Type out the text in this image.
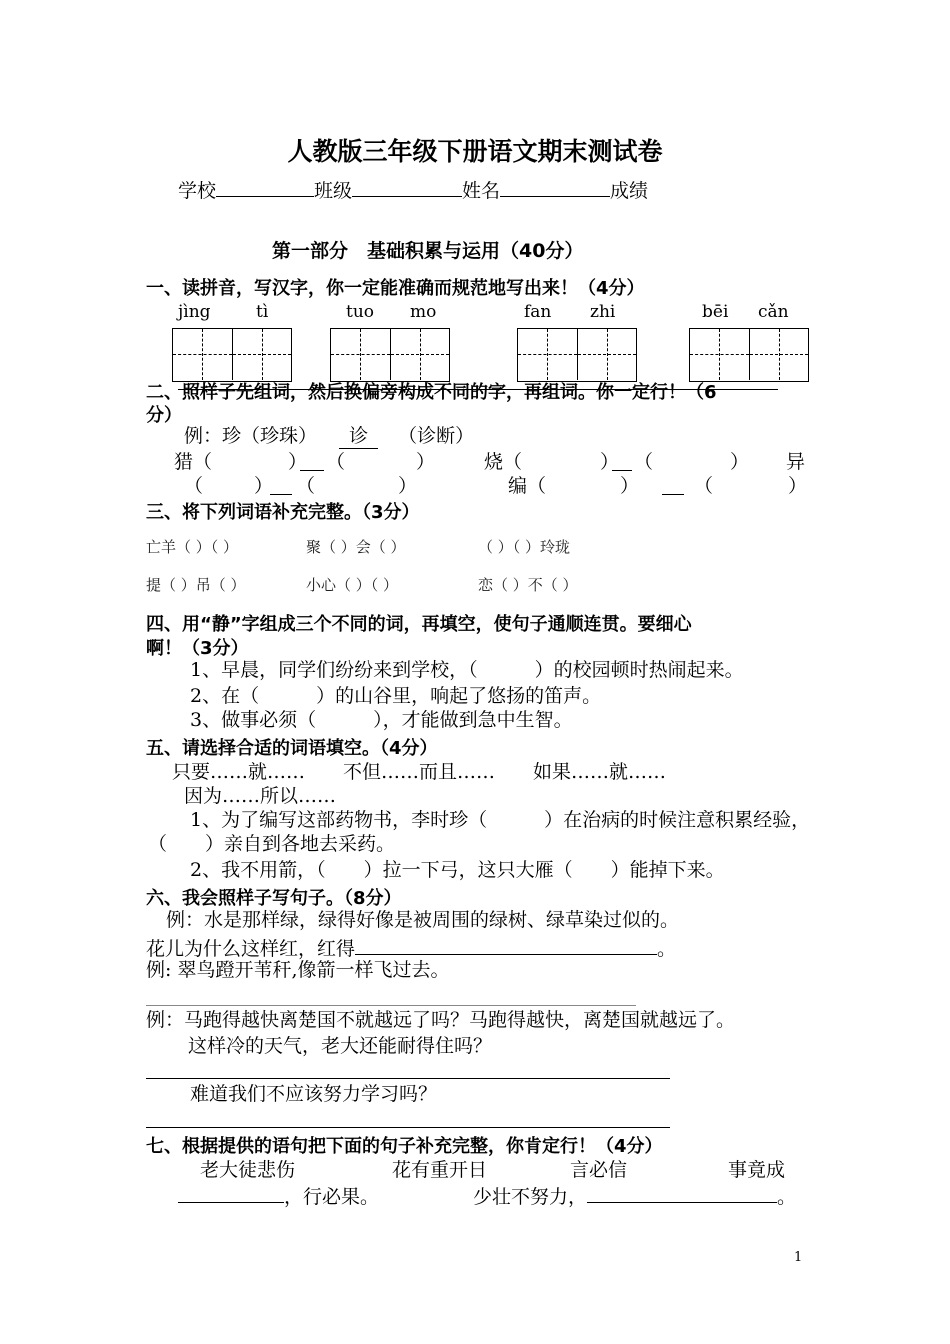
人教版三年级下册语文期末测试卷
学校	班级	姓名	成绩
第一部分　基础积累与运用（40分）
一、读拼音，写汉字，你一定能准确而规范地写出来！（4分）
jìng	tì	tuo mo	fan zhi	bēi cǎn
二、照样子先组词，然后换偏旁构成不同的字，再组词。你一定行！（6
分）
例：珍（珍珠） 诊 （诊断）
猎（	） （	）	烧（	） （	） 异
（	） （	）	编（	）	（	）
三、将下列词语补充完整。（3分）
亡羊（ ）（ ）	聚（ ）会（ ）	（ ）（ ）玲珑
提（ ）吊（ ）	小心（ ）（ ）	恋（ ）不（ ）
四、用“静”字组成三个不同的词，再填空，使句子通顺连贯。要细心
啊！（3分）
1、早晨，同学们纷纷来到学校，（　　　）的校园顿时热闹起来。
2、在（　　　）的山谷里，响起了悠扬的笛声。
3、做事必须（　　　），才能做到急中生智。
五、请选择合适的词语填空。（4分）
只要……就……　　不但……而且……　　如果……就……
因为……所以……
1、为了编写这部药物书，李时珍（　　　）在治病的时候注意积累经验，
（　　）亲自到各地去采药。
2、我不用箭，（　　）拉一下弓，这只大雁（　　）能掉下来。
六、我会照样子写句子。（8分）
例：水是那样绿，绿得好像是被周围的绿树、绿草染过似的。
花儿为什么这样红，红得	。
例: 翠鸟蹬开苇秆,像箭一样飞过去。
例：马跑得越快离楚国不就越远了吗？马跑得越快，离楚国就越远了。
这样冷的天气，老大还能耐得住吗？
难道我们不应该努力学习吗？
七、根据提供的语句把下面的句子补充完整，你肯定行！（4分）
老大徒悲伤	花有重开日	言必信	事竟成
，行必果。	少壮不努力，	。
1
